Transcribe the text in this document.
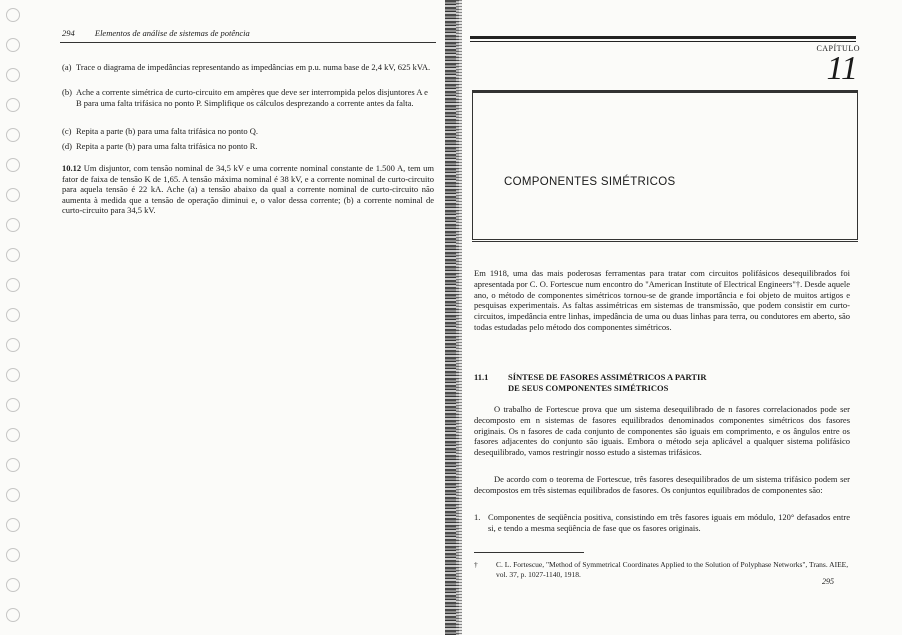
294 Elementos de análise de sistemas de potência
(a) Trace o diagrama de impedâncias representando as impedâncias em p.u. numa base de 2,4 kV, 625 kVA.
(b) Ache a corrente simétrica de curto-circuito em ampères que deve ser interrompida pelos disjuntores A e B para uma falta trifásica no ponto P. Simplifique os cálculos desprezando a corrente antes da falta.
(c) Repita a parte (b) para uma falta trifásica no ponto Q.
(d) Repita a parte (b) para uma falta trifásica no ponto R.
10.12 Um disjuntor, com tensão nominal de 34,5 kV e uma corrente nominal constante de 1.500 A, tem um fator de faixa de tensão K de 1,65. A tensão máxima nominal é 38 kV, e a corrente nominal de curto-circuito para aquela tensão é 22 kA. Ache (a) a tensão abaixo da qual a corrente nominal de curto-circuito não aumenta à medida que a tensão de operação diminui e, o valor dessa corrente; (b) a corrente nominal de curto-circuito para 34,5 kV.
CAPÍTULO
11
COMPONENTES SIMÉTRICOS
Em 1918, uma das mais poderosas ferramentas para tratar com circuitos polifásicos desequilibrados foi apresentada por C. O. Fortescue num encontro do "American Institute of Electrical Engineers"†. Desde aquele ano, o método de componentes simétricos tornou-se de grande importância e foi objeto de muitos artigos e pesquisas experimentais. As faltas assimétricas em sistemas de transmissão, que podem consistir em curto-circuitos, impedância entre linhas, impedância de uma ou duas linhas para terra, ou condutores em aberto, são todas estudadas pelo método dos componentes simétricos.
11.1 SÍNTESE DE FASORES ASSIMÉTRICOS A PARTIR
DE SEUS COMPONENTES SIMÉTRICOS
O trabalho de Fortescue prova que um sistema desequilibrado de n fasores correlacionados pode ser decomposto em n sistemas de fasores equilibrados denominados componentes simétricos dos fasores originais. Os n fasores de cada conjunto de componentes são iguais em comprimento, e os ângulos entre os fasores adjacentes do conjunto são iguais. Embora o método seja aplicável a qualquer sistema polifásico desequilibrado, vamos restringir nosso estudo a sistemas trifásicos.
De acordo com o teorema de Fortescue, três fasores desequilibrados de um sistema trifásico podem ser decompostos em três sistemas equilibrados de fasores. Os conjuntos equilibrados de componentes são:
1. Componentes de seqüência positiva, consistindo em três fasores iguais em módulo, 120° defasados entre si, e tendo a mesma seqüência de fase que os fasores originais.
† C. L. Fortescue, "Method of Symmetrical Coordinates Applied to the Solution of Polyphase Networks", Trans. AIEE, vol. 37, p. 1027-1140, 1918.
295
